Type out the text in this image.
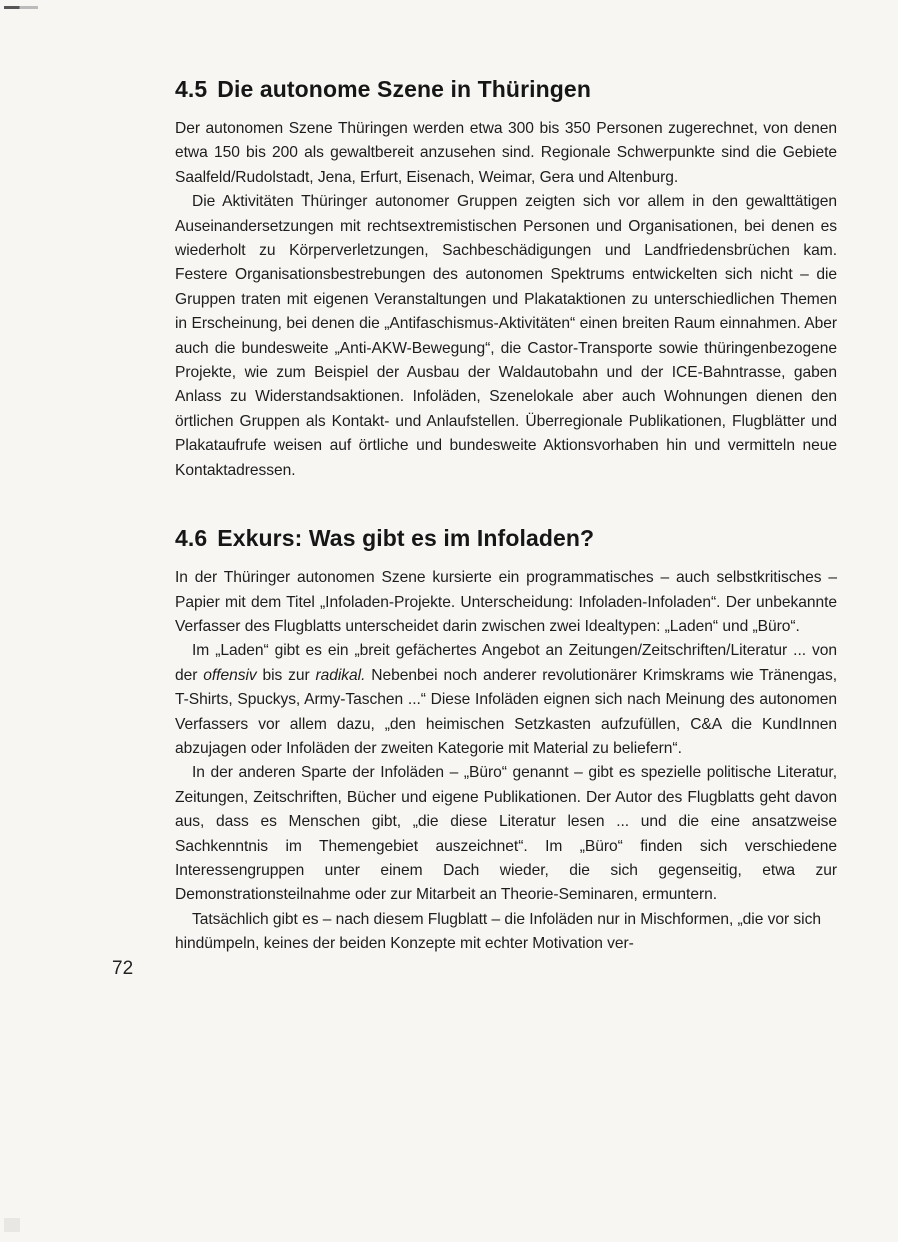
4.5 Die autonome Szene in Thüringen

Der autonomen Szene Thüringen werden etwa 300 bis 350 Personen zugerechnet, von denen etwa 150 bis 200 als gewaltbereit anzusehen sind. Regionale Schwerpunkte sind die Gebiete Saalfeld/Rudolstadt, Jena, Erfurt, Eisenach, Weimar, Gera und Altenburg.

Die Aktivitäten Thüringer autonomer Gruppen zeigten sich vor allem in den gewalttätigen Auseinandersetzungen mit rechtsextremistischen Personen und Organisationen, bei denen es wiederholt zu Körperverletzungen, Sachbeschädigungen und Landfriedensbrüchen kam. Festere Organisationsbestrebungen des autonomen Spektrums entwickelten sich nicht – die Gruppen traten mit eigenen Veranstaltungen und Plakataktionen zu unterschiedlichen Themen in Erscheinung, bei denen die „Antifaschismus-Aktivitäten“ einen breiten Raum einnahmen. Aber auch die bundesweite „Anti-AKW-Bewegung“, die Castor-Transporte sowie thüringenbezogene Projekte, wie zum Beispiel der Ausbau der Waldautobahn und der ICE-Bahntrasse, gaben Anlass zu Widerstandsaktionen. Infoläden, Szenelokale aber auch Wohnungen dienen den örtlichen Gruppen als Kontakt- und Anlaufstellen. Überregionale Publikationen, Flugblätter und Plakataufrufe weisen auf örtliche und bundesweite Aktionsvorhaben hin und vermitteln neue Kontaktadressen.

4.6 Exkurs: Was gibt es im Infoladen?

In der Thüringer autonomen Szene kursierte ein programmatisches – auch selbstkritisches – Papier mit dem Titel „Infoladen-Projekte. Unterscheidung: Infoladen-Infoladen“. Der unbekannte Verfasser des Flugblatts unterscheidet darin zwischen zwei Idealtypen: „Laden“ und „Büro“.

Im „Laden“ gibt es ein „breit gefächertes Angebot an Zeitungen/Zeitschriften/Literatur ... von der offensiv bis zur radikal. Nebenbei noch anderer revolutionärer Krimskrams wie Tränengas, T-Shirts, Spuckys, Army-Taschen ...“ Diese Infoläden eignen sich nach Meinung des autonomen Verfassers vor allem dazu, „den heimischen Setzkasten aufzufüllen, C&A die KundInnen abzujagen oder Infoläden der zweiten Kategorie mit Material zu beliefern“.

In der anderen Sparte der Infoläden – „Büro“ genannt – gibt es spezielle politische Literatur, Zeitungen, Zeitschriften, Bücher und eigene Publikationen. Der Autor des Flugblatts geht davon aus, dass es Menschen gibt, „die diese Literatur lesen ... und die eine ansatzweise Sachkenntnis im Themengebiet auszeichnet“. Im „Büro“ finden sich verschiedene Interessengruppen unter einem Dach wieder, die sich gegenseitig, etwa zur Demonstrationsteilnahme oder zur Mitarbeit an Theorie-Seminaren, ermuntern.

Tatsächlich gibt es – nach diesem Flugblatt – die Infoläden nur in Mischformen, „die vor sich hindümpeln, keines der beiden Konzepte mit echter Motivation ver-

72
